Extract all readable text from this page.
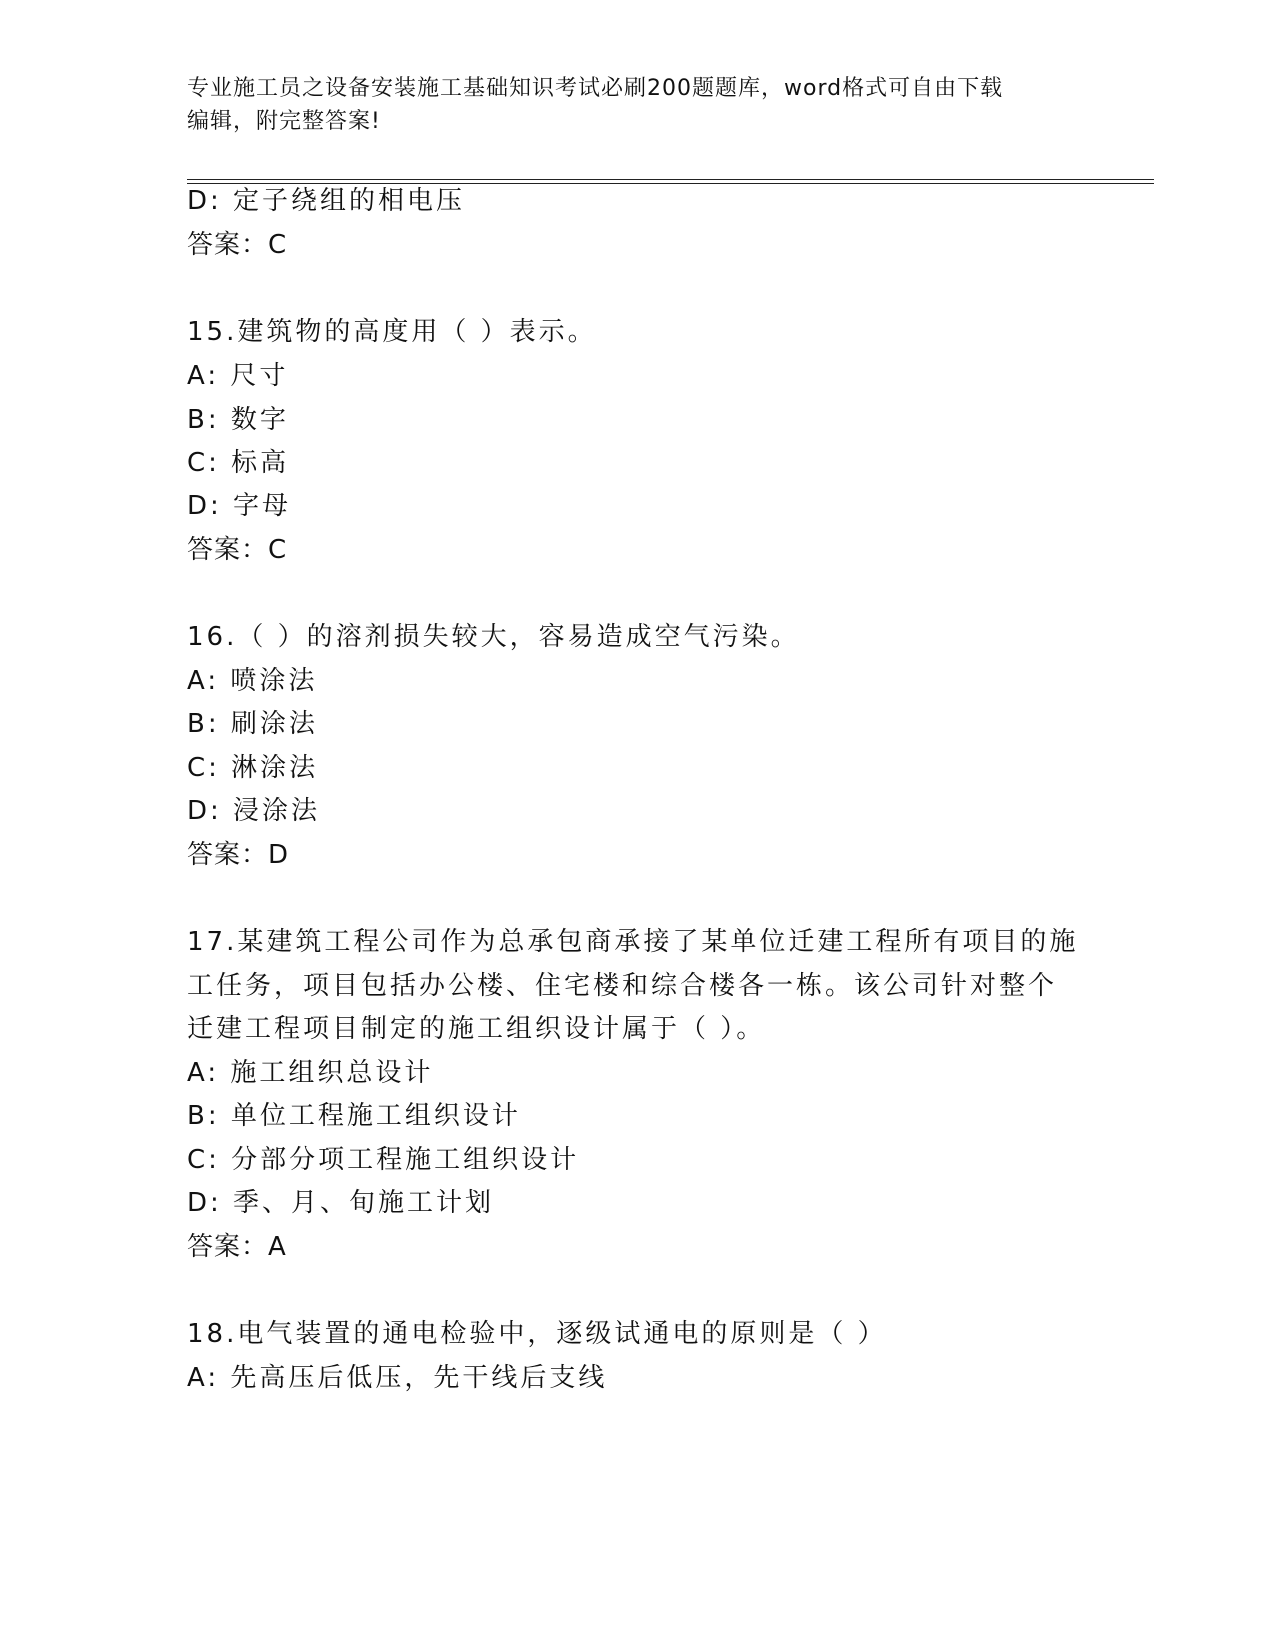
专业施工员之设备安装施工基础知识考试必刷200题题库，word格式可自由下载
编辑，附完整答案!
D: 定子绕组的相电压
答案：C
15.建筑物的高度用（ ）表示。
A: 尺寸
B: 数字
C: 标高
D: 字母
答案：C
16.（ ）的溶剂损失较大，容易造成空气污染。
A: 喷涂法
B: 刷涂法
C: 淋涂法
D: 浸涂法
答案：D
17.某建筑工程公司作为总承包商承接了某单位迁建工程所有项目的施
工任务，项目包括办公楼、住宅楼和综合楼各一栋。该公司针对整个
迁建工程项目制定的施工组织设计属于（ ）。
A: 施工组织总设计
B: 单位工程施工组织设计
C: 分部分项工程施工组织设计
D: 季、月、旬施工计划
答案：A
18.电气装置的通电检验中，逐级试通电的原则是（ ）
A: 先高压后低压，先干线后支线
